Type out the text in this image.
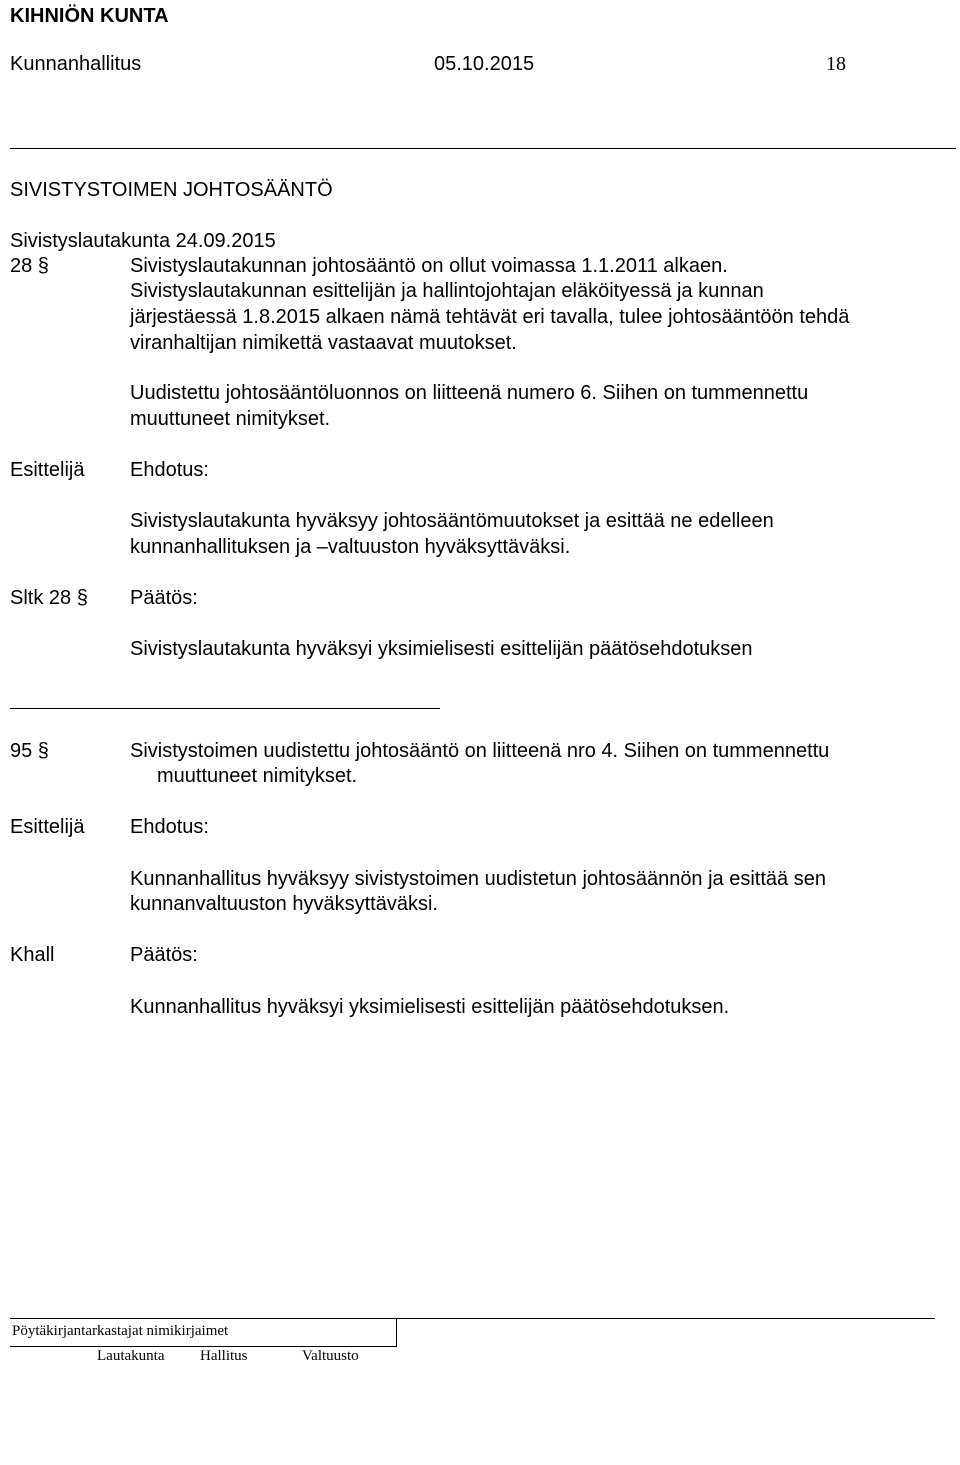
KIHNIÖN KUNTA
Kunnanhallitus	05.10.2015	18
SIVISTYSTOIMEN JOHTOSÄÄNTÖ
Sivistyslautakunta 24.09.2015
28 §	Sivistyslautakunnan johtosääntö on ollut voimassa 1.1.2011 alkaen.
Sivistyslautakunnan esittelijän ja hallintojohtajan eläköityessä ja kunnan
järjestäessä 1.8.2015 alkaen nämä tehtävät eri tavalla, tulee johtosääntöön tehdä
viranhaltijan nimikettä vastaavat muutokset.
Uudistettu johtosääntöluonnos on liitteenä numero 6. Siihen on tummennettu
muuttuneet nimitykset.
Esittelijä Ehdotus:
Sivistyslautakunta hyväksyy johtosääntömuutokset ja esittää ne edelleen
kunnanhallituksen ja –valtuuston hyväksyttäväksi.
Sltk 28 § Päätös:
Sivistyslautakunta hyväksyi yksimielisesti esittelijän päätösehdotuksen
95 §	Sivistystoimen uudistettu johtosääntö on liitteenä nro 4. Siihen on tummennettu
muuttuneet nimitykset.
Esittelijä Ehdotus:
Kunnanhallitus hyväksyy sivistystoimen uudistetun johtosäännön ja esittää sen
kunnanvaltuuston hyväksyttäväksi.
Khall	Päätös:
Kunnanhallitus hyväksyi yksimielisesti esittelijän päätösehdotuksen.
Pöytäkirjantarkastajat nimikirjaimet
Lautakunta Hallitus	Valtuusto
